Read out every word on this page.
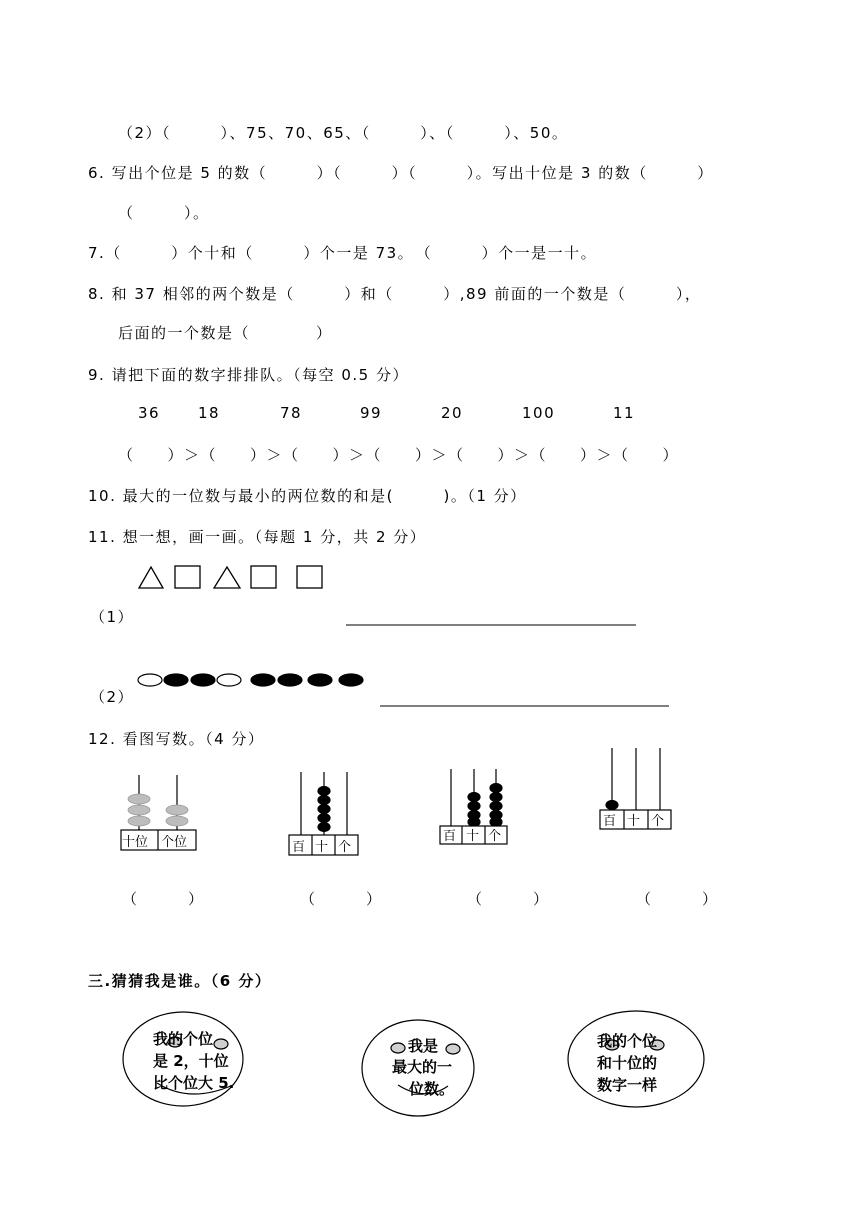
（2）（　　　）、75、70、65、（　　　）、（　　　）、50。
6. 写出个位是 5 的数（　　　）（　　　）（　　　）。写出十位是 3 的数（　　　）
（　　　）。
7.（　　　）个十和（　　　）个一是 73。　（　　　）个一是一十。
8. 和 37 相邻的两个数是（　　　）和（　　　）,89 前面的一个数是（　　　），
后面的一个数是（　　　　）
9. 请把下面的数字排排队。（每空 0.5 分）
36	18	78	99	20	100	11
（　　）＞（　　）＞（　　）＞（　　）＞（　　）＞（　　）＞（　　）
10. 最大的一位数与最小的两位数的和是(　　　)。（1 分）
11. 想一想，画一画。（每题 1 分，共 2 分）
（1）
（2）
12. 看图写数。（4 分）
（　　　）	（　　　）	（　　　）	（　　　）
三.猜猜我是谁。（6 分）
十位 个位	百 十 个
百 十 个
百 十 个
我的个位
是 2，十位
比个位大 5.
我是
最大的一
位数。
我的个位
和十位的
数字一样
